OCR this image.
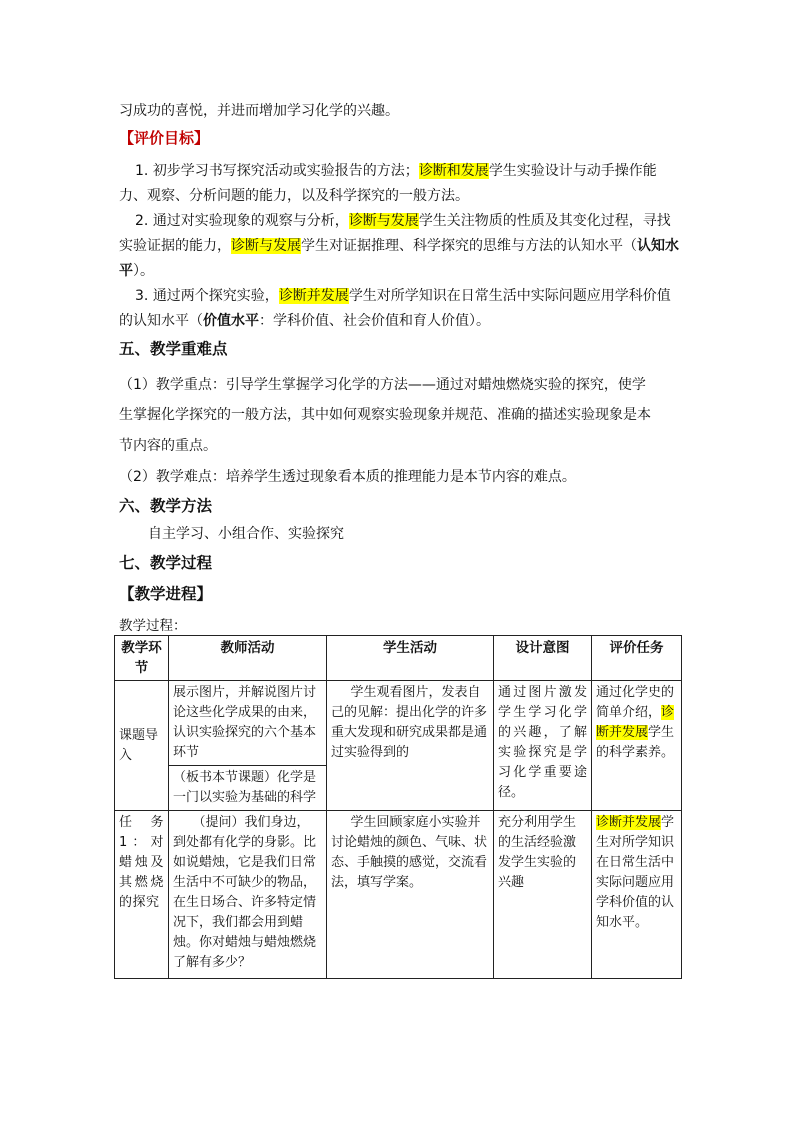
习成功的喜悦，并进而增加学习化学的兴趣。
【评价目标】
1. 初步学习书写探究活动或实验报告的方法；诊断和发展学生实验设计与动手操作能
力、观察、分析问题的能力，以及科学探究的一般方法。
2. 通过对实验现象的观察与分析，诊断与发展学生关注物质的性质及其变化过程，寻找
实验证据的能力，诊断与发展学生对证据推理、科学探究的思维与方法的认知水平（认知水
平）。
3. 通过两个探究实验，诊断并发展学生对所学知识在日常生活中实际问题应用学科价值
的认知水平（价值水平：学科价值、社会价值和育人价值）。
五、教学重难点
（1）教学重点：引导学生掌握学习化学的方法——通过对蜡烛燃烧实验的探究，使学
生掌握化学探究的一般方法，其中如何观察实验现象并规范、准确的描述实验现象是本
节内容的重点。
（2）教学难点：培养学生透过现象看本质的推理能力是本节内容的难点。
六、教学方法
自主学习、小组合作、实验探究
七、教学过程
【教学进程】
教学过程：
教学环节	教师活动	学生活动	设计意图	评价任务
课题导入	展示图片，并解说图片讨论这些化学成果的由来，认识实验探究的六个基本环节	学生观看图片，发表自己的见解：提出化学的许多重大发现和研究成果都是通过实验得到的	通过图片激发学生学习化学的兴趣，了解实验探究是学习化学重要途径。	通过化学史的简单介绍，诊断并发展学生的科学素养。
	（板书本节课题）化学是一门以实验为基础的科学			
任务1：对蜡烛及其燃烧的探究	（提问）我们身边，到处都有化学的身影。比如说蜡烛，它是我们日常生活中不可缺少的物品，在生日场合、许多特定情况下，我们都会用到蜡烛。你对蜡烛与蜡烛燃烧了解有多少？	学生回顾家庭小实验并讨论蜡烛的颜色、气味、状态、手触摸的感觉，交流看法，填写学案。	充分利用学生的生活经验激发学生实验的兴趣	诊断并发展学生对所学知识在日常生活中实际问题应用学科价值的认知水平。
